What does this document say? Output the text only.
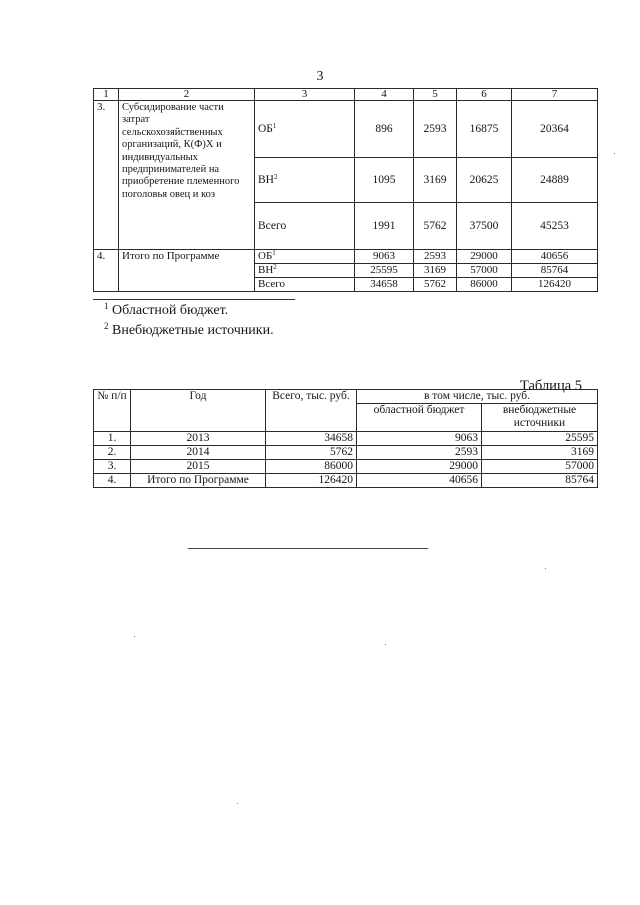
3
1	2	3	4	5	6	7
3.	Субсидирование части затрат сельскохозяйственных организаций, К(Ф)Х и индивидуальных предпринимателей на приобретение племенного поголовья овец и коз	$ОБ^1$	896	2593	16875	20364
		$ВН^2$	1095	3169	20625	24889
		Всего	1991	5762	37500	45253
4.	Итого по Программе	$ОБ^1$	9063	2593	29000	40656
		$ВН^2$	25595	3169	57000	85764
		Всего	34658	5762	86000	126420
$^1$ Областной бюджет.
$^2$ Внебюджетные источники.
Таблица 5
№ п/п	Год	Всего, тыс. руб.	в том числе, тыс. руб.	
			областной бюджет	внебюджетные источники
1.	2013	34658	9063	25595
2.	2014	5762	2593	3169
3.	2015	86000	29000	57000
4.	Итого по Программе	126420	40656	85764
